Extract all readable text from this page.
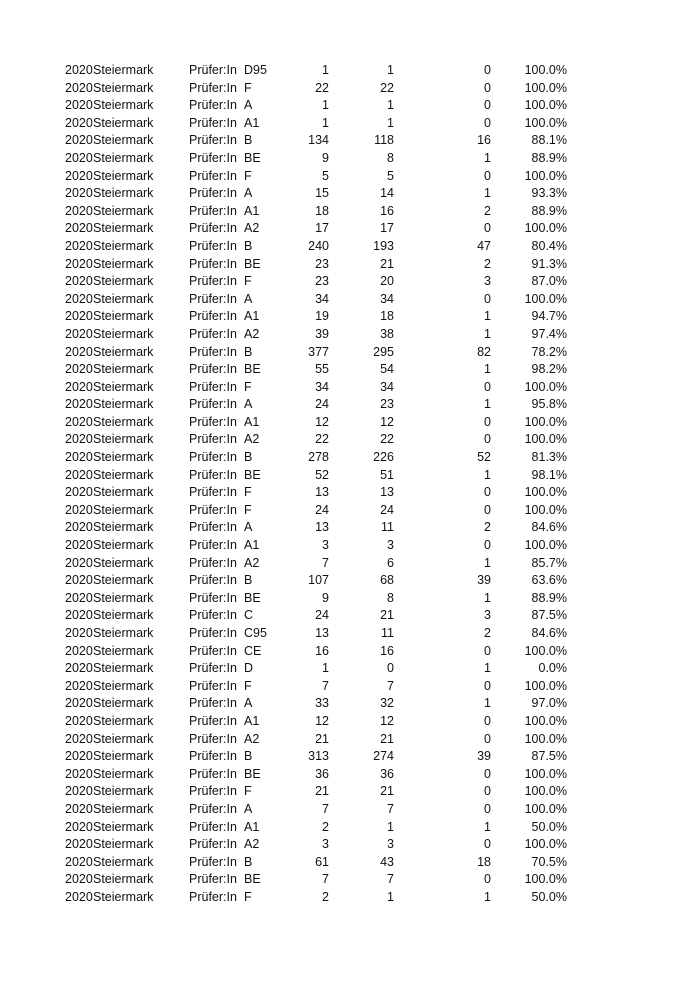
2020 Steiermark	Prüfer:In D95	1	1	0	100.0%
2020 Steiermark	Prüfer:In F	22	22	0	100.0%
2020 Steiermark	Prüfer:In A	1	1	0	100.0%
2020 Steiermark	Prüfer:In A1	1	1	0	100.0%
2020 Steiermark	Prüfer:In B	134	118	16	88.1%
2020 Steiermark	Prüfer:In BE	9	8	1	88.9%
2020 Steiermark	Prüfer:In F	5	5	0	100.0%
2020 Steiermark	Prüfer:In A	15	14	1	93.3%
2020 Steiermark	Prüfer:In A1	18	16	2	88.9%
2020 Steiermark	Prüfer:In A2	17	17	0	100.0%
2020 Steiermark	Prüfer:In B	240	193	47	80.4%
2020 Steiermark	Prüfer:In BE	23	21	2	91.3%
2020 Steiermark	Prüfer:In F	23	20	3	87.0%
2020 Steiermark	Prüfer:In A	34	34	0	100.0%
2020 Steiermark	Prüfer:In A1	19	18	1	94.7%
2020 Steiermark	Prüfer:In A2	39	38	1	97.4%
2020 Steiermark	Prüfer:In B	377	295	82	78.2%
2020 Steiermark	Prüfer:In BE	55	54	1	98.2%
2020 Steiermark	Prüfer:In F	34	34	0	100.0%
2020 Steiermark	Prüfer:In A	24	23	1	95.8%
2020 Steiermark	Prüfer:In A1	12	12	0	100.0%
2020 Steiermark	Prüfer:In A2	22	22	0	100.0%
2020 Steiermark	Prüfer:In B	278	226	52	81.3%
2020 Steiermark	Prüfer:In BE	52	51	1	98.1%
2020 Steiermark	Prüfer:In F	13	13	0	100.0%
2020 Steiermark	Prüfer:In F	24	24	0	100.0%
2020 Steiermark	Prüfer:In A	13	11	2	84.6%
2020 Steiermark	Prüfer:In A1	3	3	0	100.0%
2020 Steiermark	Prüfer:In A2	7	6	1	85.7%
2020 Steiermark	Prüfer:In B	107	68	39	63.6%
2020 Steiermark	Prüfer:In BE	9	8	1	88.9%
2020 Steiermark	Prüfer:In C	24	21	3	87.5%
2020 Steiermark	Prüfer:In C95	13	11	2	84.6%
2020 Steiermark	Prüfer:In CE	16	16	0	100.0%
2020 Steiermark	Prüfer:In D	1	0	1	0.0%
2020 Steiermark	Prüfer:In F	7	7	0	100.0%
2020 Steiermark	Prüfer:In A	33	32	1	97.0%
2020 Steiermark	Prüfer:In A1	12	12	0	100.0%
2020 Steiermark	Prüfer:In A2	21	21	0	100.0%
2020 Steiermark	Prüfer:In B	313	274	39	87.5%
2020 Steiermark	Prüfer:In BE	36	36	0	100.0%
2020 Steiermark	Prüfer:In F	21	21	0	100.0%
2020 Steiermark	Prüfer:In A	7	7	0	100.0%
2020 Steiermark	Prüfer:In A1	2	1	1	50.0%
2020 Steiermark	Prüfer:In A2	3	3	0	100.0%
2020 Steiermark	Prüfer:In B	61	43	18	70.5%
2020 Steiermark	Prüfer:In BE	7	7	0	100.0%
2020 Steiermark	Prüfer:In F	2	1	1	50.0%
